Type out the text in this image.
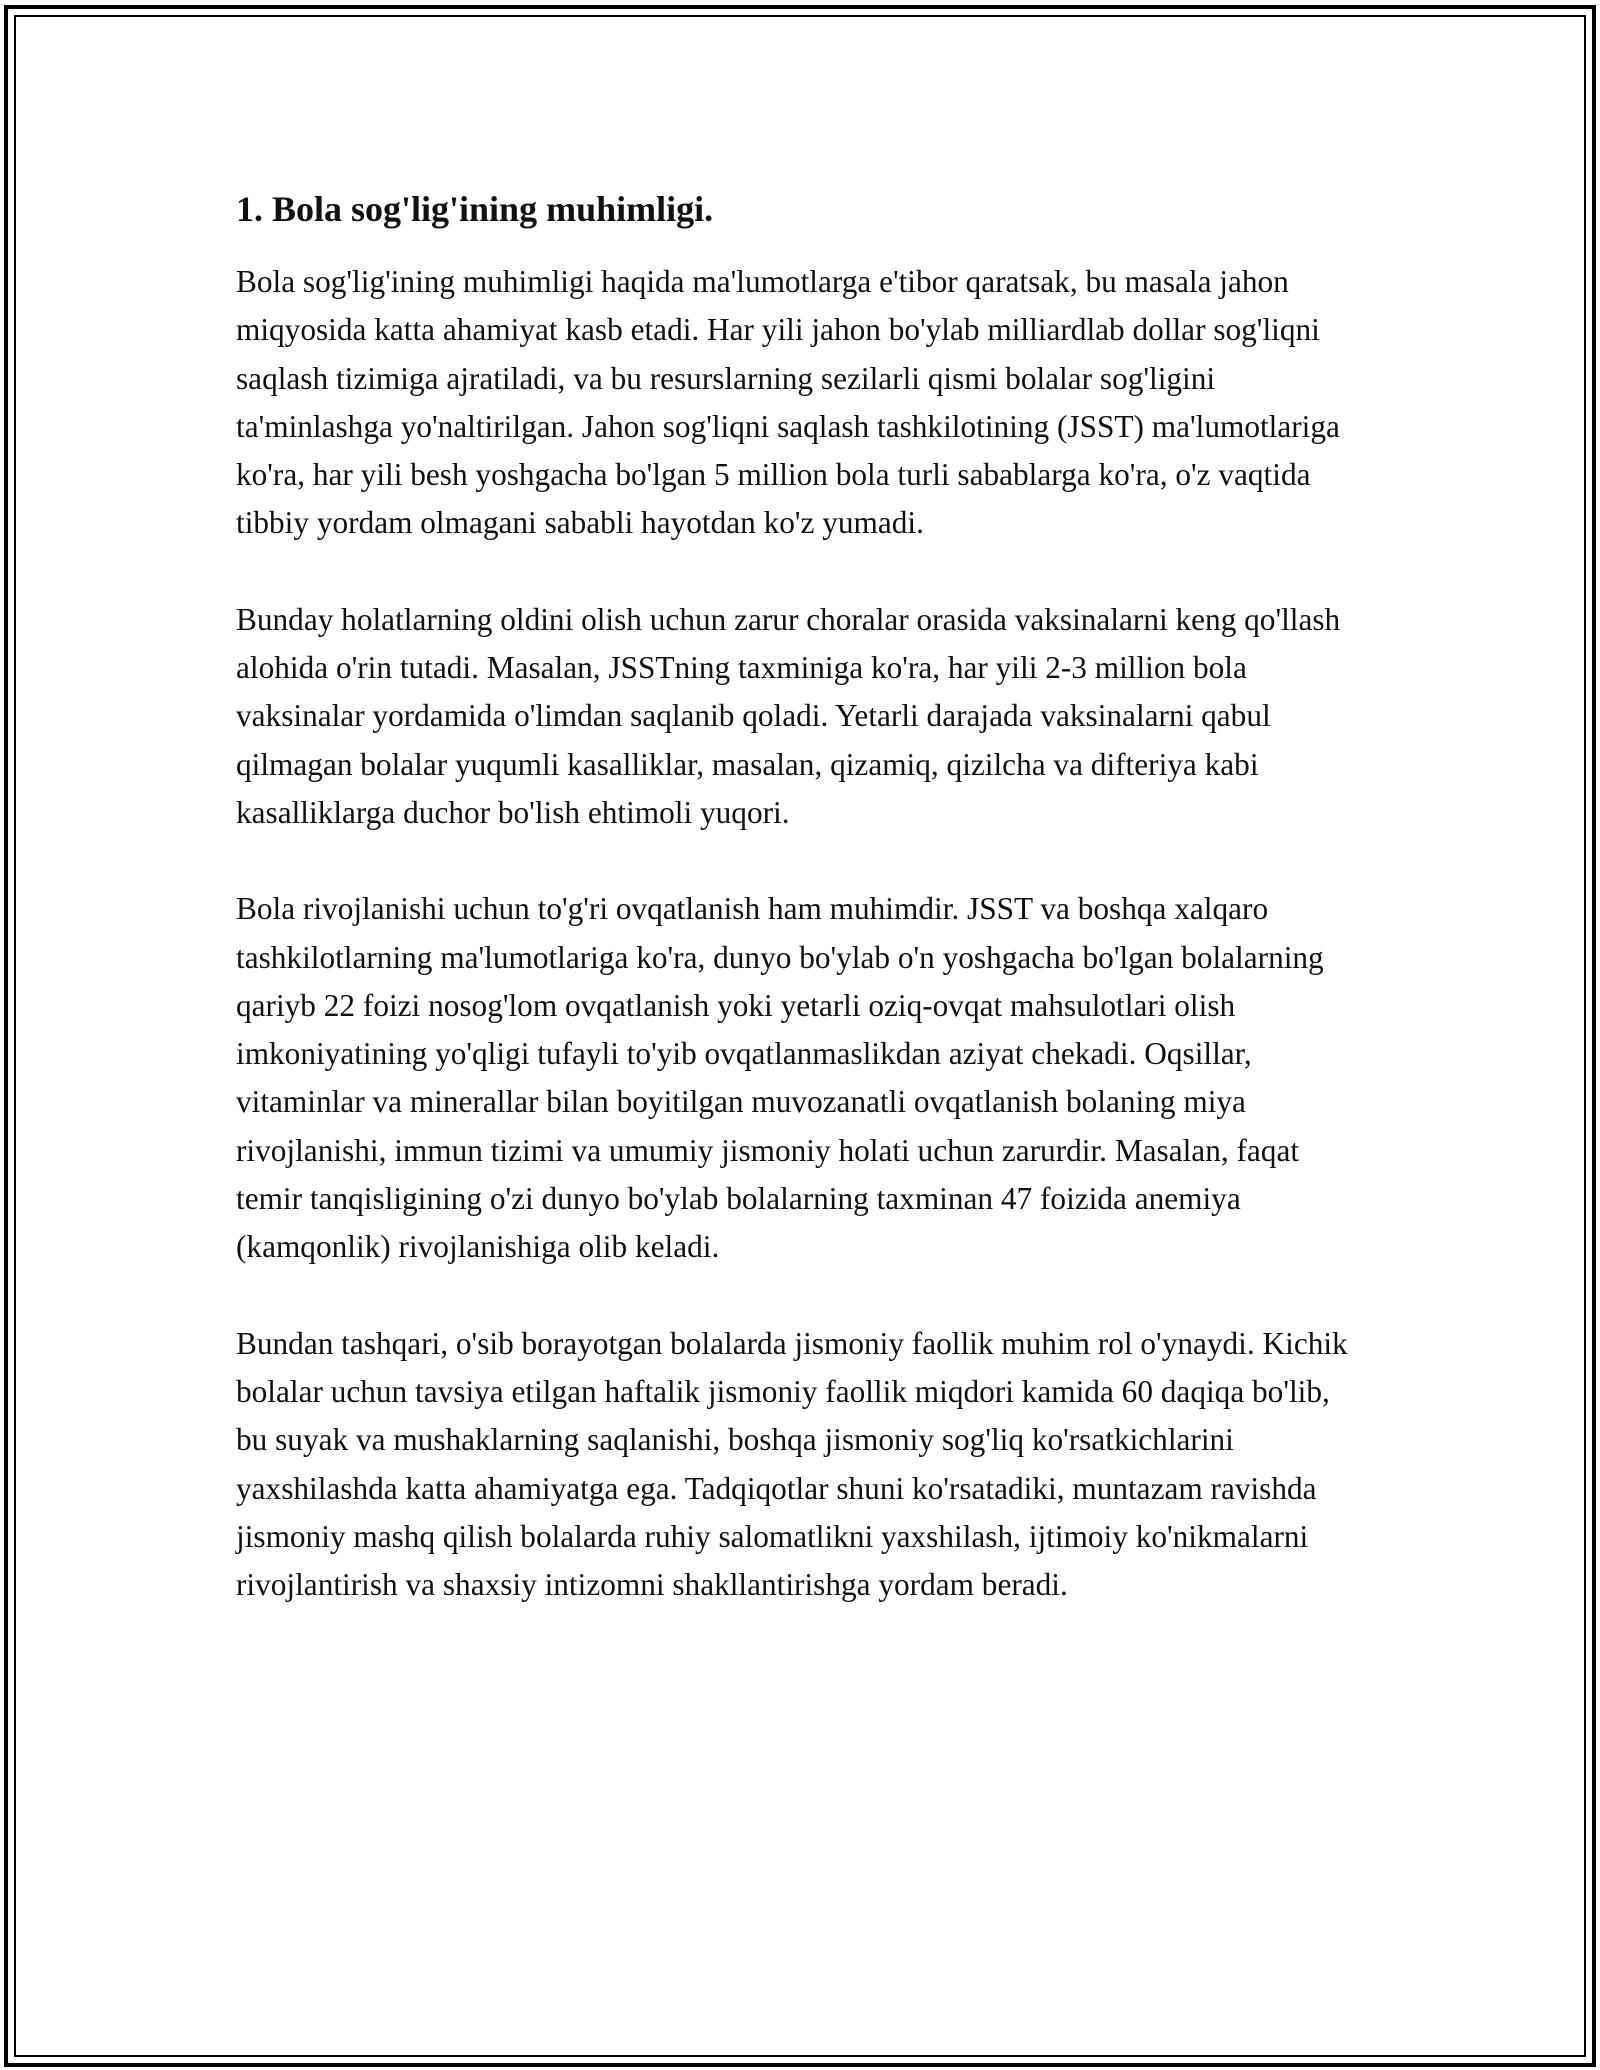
1. Bola sog'lig'ining muhimligi.

Bola sog'lig'ining muhimligi haqida ma'lumotlarga e'tibor qaratsak, bu masala jahon miqyosida katta ahamiyat kasb etadi. Har yili jahon bo'ylab milliardlab dollar sog'liqni saqlash tizimiga ajratiladi, va bu resurslarning sezilarli qismi bolalar sog'ligini ta'minlashga yo'naltirilgan. Jahon sog'liqni saqlash tashkilotining (JSST) ma'lumotlariga ko'ra, har yili besh yoshgacha bo'lgan 5 million bola turli sabablarga ko'ra, o'z vaqtida tibbiy yordam olmagani sababli hayotdan ko'z yumadi.

Bunday holatlarning oldini olish uchun zarur choralar orasida vaksinalarni keng qo'llash alohida o'rin tutadi. Masalan, JSSTning taxminiga ko'ra, har yili 2-3 million bola vaksinalar yordamida o'limdan saqlanib qoladi. Yetarli darajada vaksinalarni qabul qilmagan bolalar yuqumli kasalliklar, masalan, qizamiq, qizilcha va difteriya kabi kasalliklarga duchor bo'lish ehtimoli yuqori.

Bola rivojlanishi uchun to'g'ri ovqatlanish ham muhimdir. JSST va boshqa xalqaro tashkilotlarning ma'lumotlariga ko'ra, dunyo bo'ylab o'n yoshgacha bo'lgan bolalarning qariyb 22 foizi nosog'lom ovqatlanish yoki yetarli oziq-ovqat mahsulotlari olish imkoniyatining yo'qligi tufayli to'yib ovqatlanmaslikdan aziyat chekadi. Oqsillar, vitaminlar va minerallar bilan boyitilgan muvozanatli ovqatlanish bolaning miya rivojlanishi, immun tizimi va umumiy jismoniy holati uchun zarurdir. Masalan, faqat temir tanqisligining o'zi dunyo bo'ylab bolalarning taxminan 47 foizida anemiya (kamqonlik) rivojlanishiga olib keladi.

Bundan tashqari, o'sib borayotgan bolalarda jismoniy faollik muhim rol o'ynaydi. Kichik bolalar uchun tavsiya etilgan haftalik jismoniy faollik miqdori kamida 60 daqiqa bo'lib, bu suyak va mushaklarning saqlanishi, boshqa jismoniy sog'liq ko'rsatkichlarini yaxshilashda katta ahamiyatga ega. Tadqiqotlar shuni ko'rsatadiki, muntazam ravishda jismoniy mashq qilish bolalarda ruhiy salomatlikni yaxshilash, ijtimoiy ko'nikmalarni rivojlantirish va shaxsiy intizomni shakllantirishga yordam beradi.
